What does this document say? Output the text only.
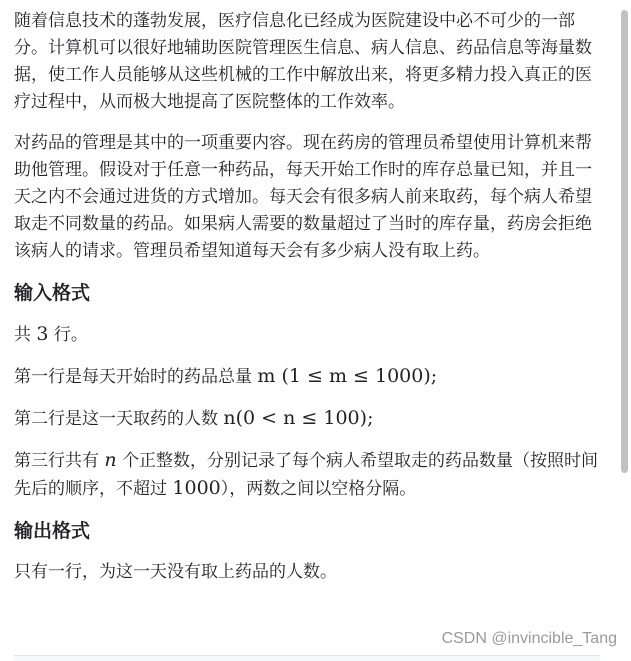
随着信息技术的蓬勃发展，医疗信息化已经成为医院建设中必不可少的一部分。计算机可以很好地辅助医院管理医生信息、病人信息、药品信息等海量数据，使工作人员能够从这些机械的工作中解放出来，将更多精力投入真正的医疗过程中，从而极大地提高了医院整体的工作效率。

对药品的管理是其中的一项重要内容。现在药房的管理员希望使用计算机来帮助他管理。假设对于任意一种药品，每天开始工作时的库存总量已知，并且一天之内不会通过进货的方式增加。每天会有很多病人前来取药，每个病人希望取走不同数量的药品。如果病人需要的数量超过了当时的库存量，药房会拒绝该病人的请求。管理员希望知道每天会有多少病人没有取上药。

输入格式

共 3 行。

第一行是每天开始时的药品总量 m (1 ≤ m ≤ 1000);

第二行是这一天取药的人数 n(0 < n ≤ 100);

第三行共有 n 个正整数，分别记录了每个病人希望取走的药品数量（按照时间先后的顺序，不超过 1000），两数之间以空格分隔。

输出格式

只有一行，为这一天没有取上药品的人数。

CSDN @invincible_Tang
